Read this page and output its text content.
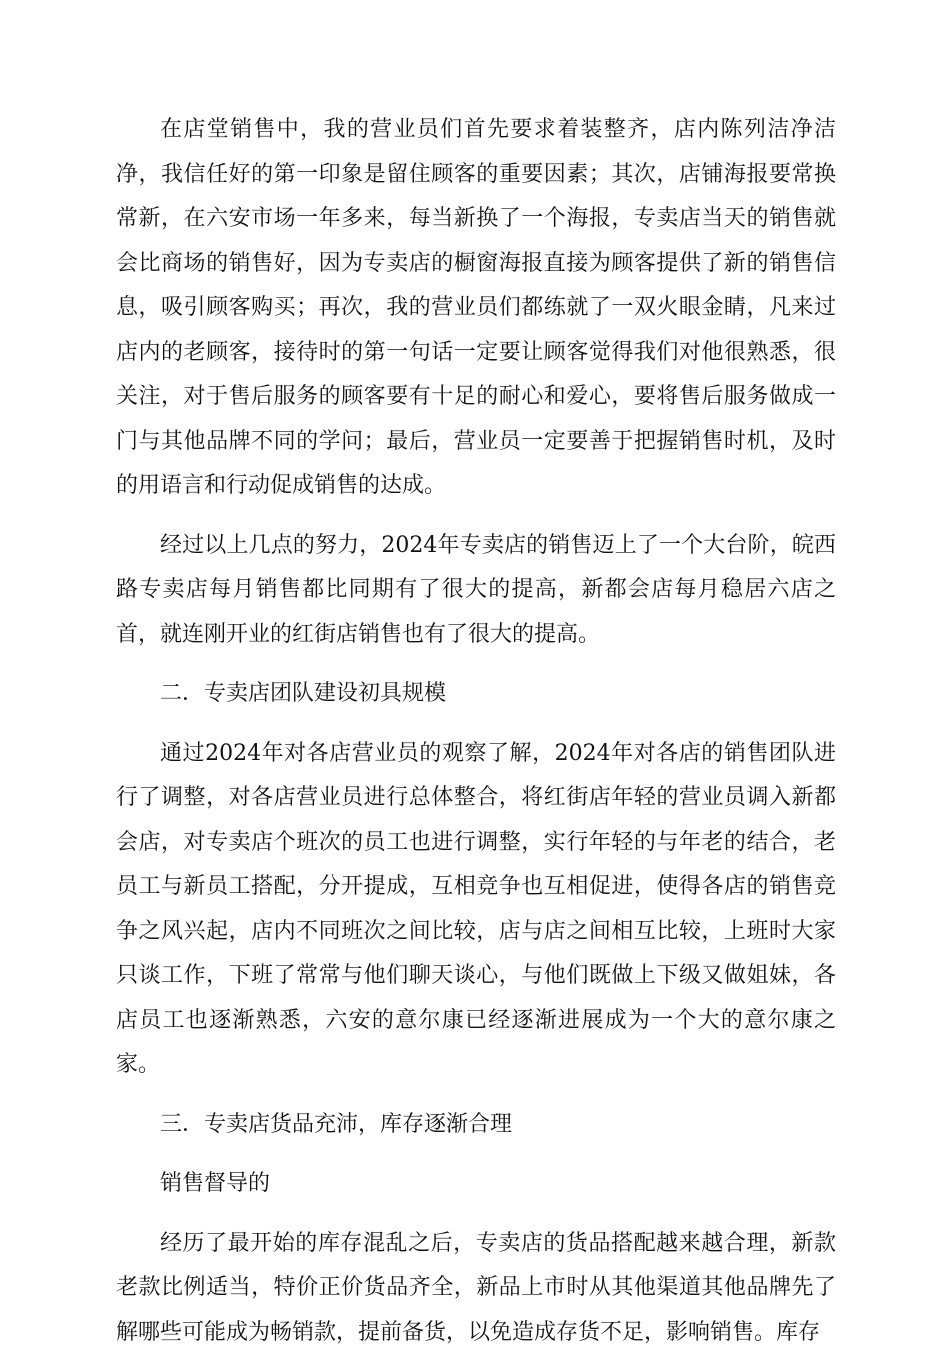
在店堂销售中，我的营业员们首先要求着装整齐，店内陈列洁净洁净，我信任好的第一印象是留住顾客的重要因素；其次，店铺海报要常换常新，在六安市场一年多来，每当新换了一个海报，专卖店当天的销售就会比商场的销售好，因为专卖店的橱窗海报直接为顾客提供了新的销售信息，吸引顾客购买；再次，我的营业员们都练就了一双火眼金睛，凡来过店内的老顾客，接待时的第一句话一定要让顾客觉得我们对他很熟悉，很关注，对于售后服务的顾客要有十足的耐心和爱心，要将售后服务做成一门与其他品牌不同的学问；最后，营业员一定要善于把握销售时机，及时的用语言和行动促成销售的达成。

经过以上几点的努力，2024年专卖店的销售迈上了一个大台阶，皖西路专卖店每月销售都比同期有了很大的提高，新都会店每月稳居六店之首，就连刚开业的红街店销售也有了很大的提高。

二．专卖店团队建设初具规模

通过2024年对各店营业员的观察了解，2024年对各店的销售团队进行了调整，对各店营业员进行总体整合，将红街店年轻的营业员调入新都会店，对专卖店个班次的员工也进行调整，实行年轻的与年老的结合，老员工与新员工搭配，分开提成，互相竞争也互相促进，使得各店的销售竞争之风兴起，店内不同班次之间比较，店与店之间相互比较，上班时大家只谈工作，下班了常常与他们聊天谈心，与他们既做上下级又做姐妹，各店员工也逐渐熟悉，六安的意尔康已经逐渐进展成为一个大的意尔康之家。

三．专卖店货品充沛，库存逐渐合理

销售督导的

经历了最开始的库存混乱之后，专卖店的货品搭配越来越合理，新款老款比例适当，特价正价货品齐全，新品上市时从其他渠道其他品牌先了解哪些可能成为畅销款，提前备货，以免造成存货不足，影响销售。库存
